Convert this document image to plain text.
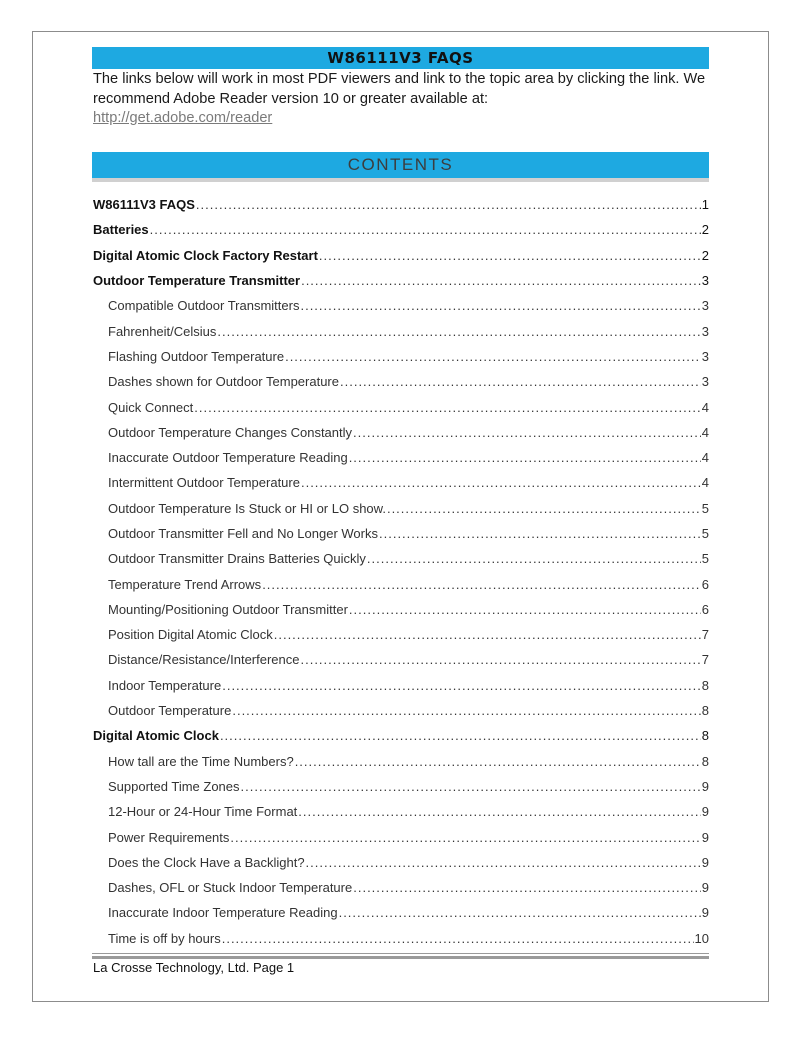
W86111V3 FAQS
The links below will work in most PDF viewers and link to the topic area by clicking the link. We recommend Adobe Reader version 10 or greater available at:
http://get.adobe.com/reader
CONTENTS
W86111V3 FAQS .....	1
Batteries .....	2
Digital Atomic Clock Factory Restart .....	2
Outdoor Temperature Transmitter .....	3
Compatible Outdoor Transmitters .....	3
Fahrenheit/Celsius .....	3
Flashing Outdoor Temperature .....	3
Dashes shown for Outdoor Temperature .....	3
Quick Connect .....	4
Outdoor Temperature Changes Constantly .....	4
Inaccurate Outdoor Temperature Reading .....	4
Intermittent Outdoor Temperature .....	4
Outdoor Temperature Is Stuck or HI or LO show. .....	5
Outdoor Transmitter Fell and No Longer Works .....	5
Outdoor Transmitter Drains Batteries Quickly .....	5
Temperature Trend Arrows .....	6
Mounting/Positioning Outdoor Transmitter .....	6
Position Digital Atomic Clock .....	7
Distance/Resistance/Interference .....	7
Indoor Temperature .....	8
Outdoor Temperature .....	8
Digital Atomic Clock .....	8
How tall are the Time Numbers? .....	8
Supported Time Zones .....	9
12-Hour or 24-Hour Time Format .....	9
Power Requirements .....	9
Does the Clock Have a Backlight? .....	9
Dashes, OFL or Stuck Indoor Temperature .....	9
Inaccurate Indoor Temperature Reading .....	9
Time is off by hours .....	10
La Crosse Technology, Ltd. Page 1
